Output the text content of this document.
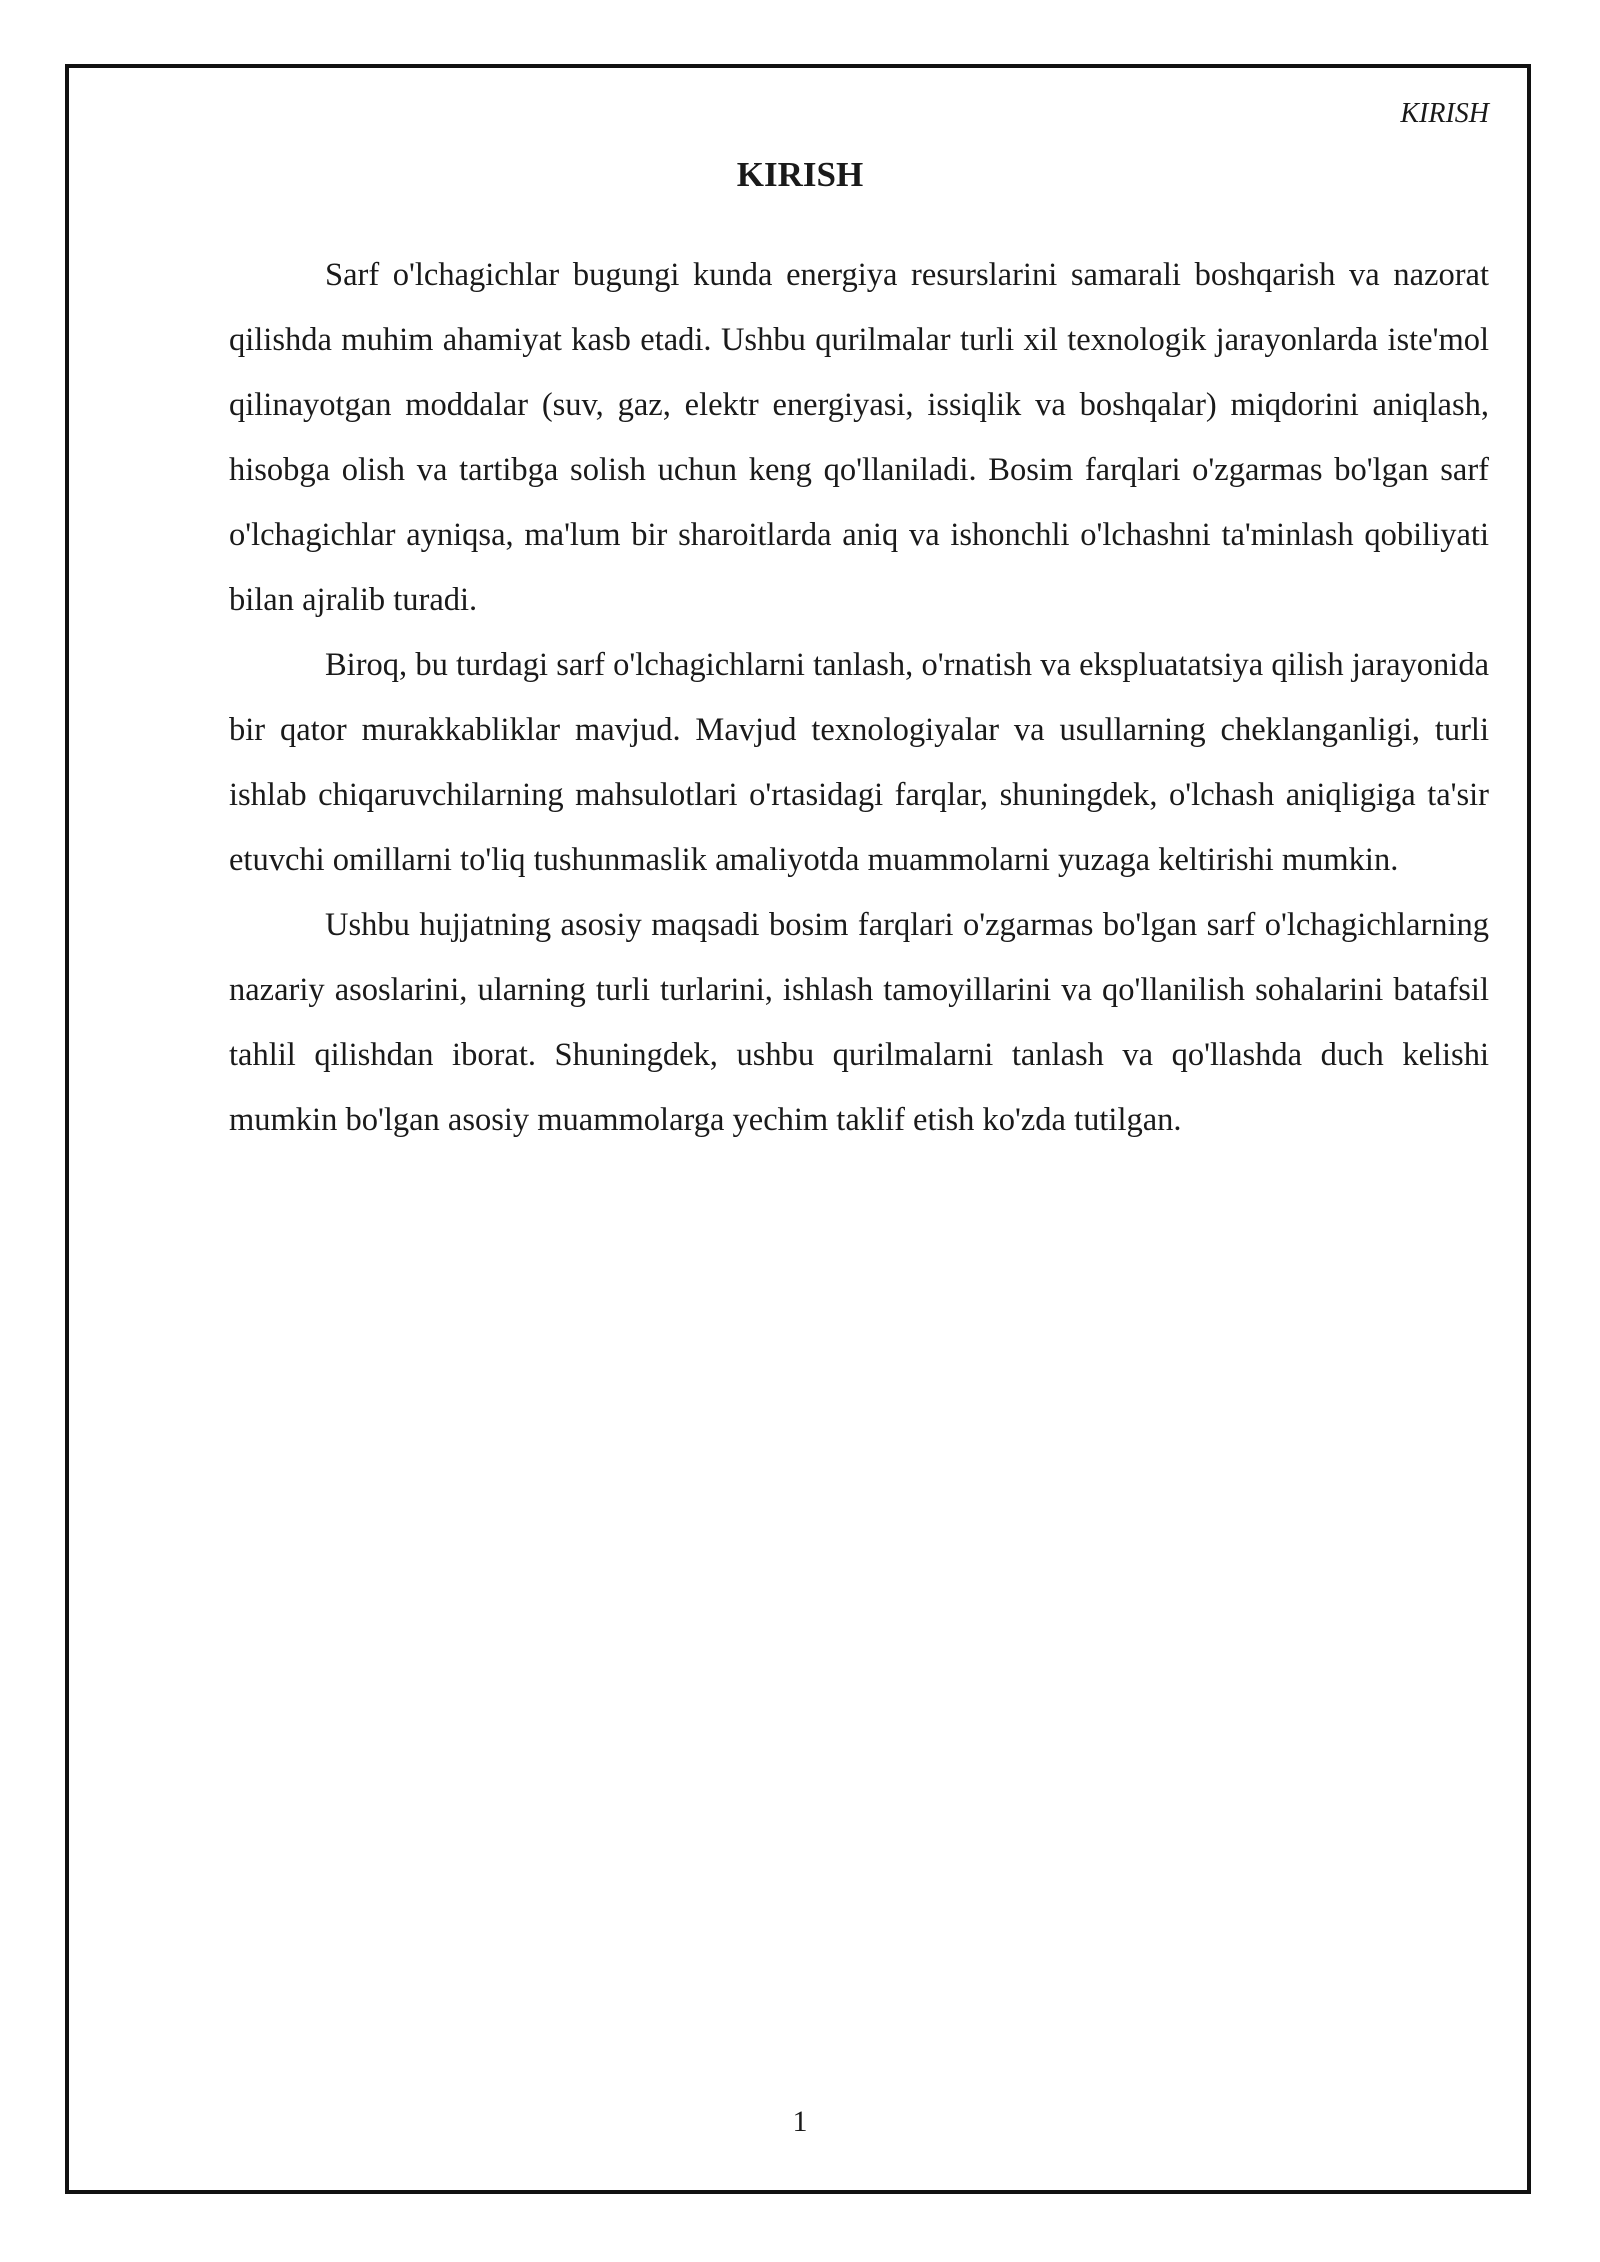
KIRISH

KIRISH

Sarf o'lchagichlar bugungi kunda energiya resurslarini samarali boshqarish va nazorat qilishda muhim ahamiyat kasb etadi. Ushbu qurilmalar turli xil texnologik jarayonlarda iste'mol qilinayotgan moddalar (suv, gaz, elektr energiyasi, issiqlik va boshqalar) miqdorini aniqlash, hisobga olish va tartibga solish uchun keng qo'llaniladi. Bosim farqlari o'zgarmas bo'lgan sarf o'lchagichlar ayniqsa, ma'lum bir sharoitlarda aniq va ishonchli o'lchashni ta'minlash qobiliyati bilan ajralib turadi.

Biroq, bu turdagi sarf o'lchagichlarni tanlash, o'rnatish va ekspluatatsiya qilish jarayonida bir qator murakkabliklar mavjud. Mavjud texnologiyalar va usullarning cheklanganligi, turli ishlab chiqaruvchilarning mahsulotlari o'rtasidagi farqlar, shuningdek, o'lchash aniqligiga ta'sir etuvchi omillarni to'liq tushunmaslik amaliyotda muammolarni yuzaga keltirishi mumkin.

Ushbu hujjatning asosiy maqsadi bosim farqlari o'zgarmas bo'lgan sarf o'lchagichlarning nazariy asoslarini, ularning turli turlarini, ishlash tamoyillarini va qo'llanilish sohalarini batafsil tahlil qilishdan iborat. Shuningdek, ushbu qurilmalarni tanlash va qo'llashda duch kelishi mumkin bo'lgan asosiy muammolarga yechim taklif etish ko'zda tutilgan.

1
